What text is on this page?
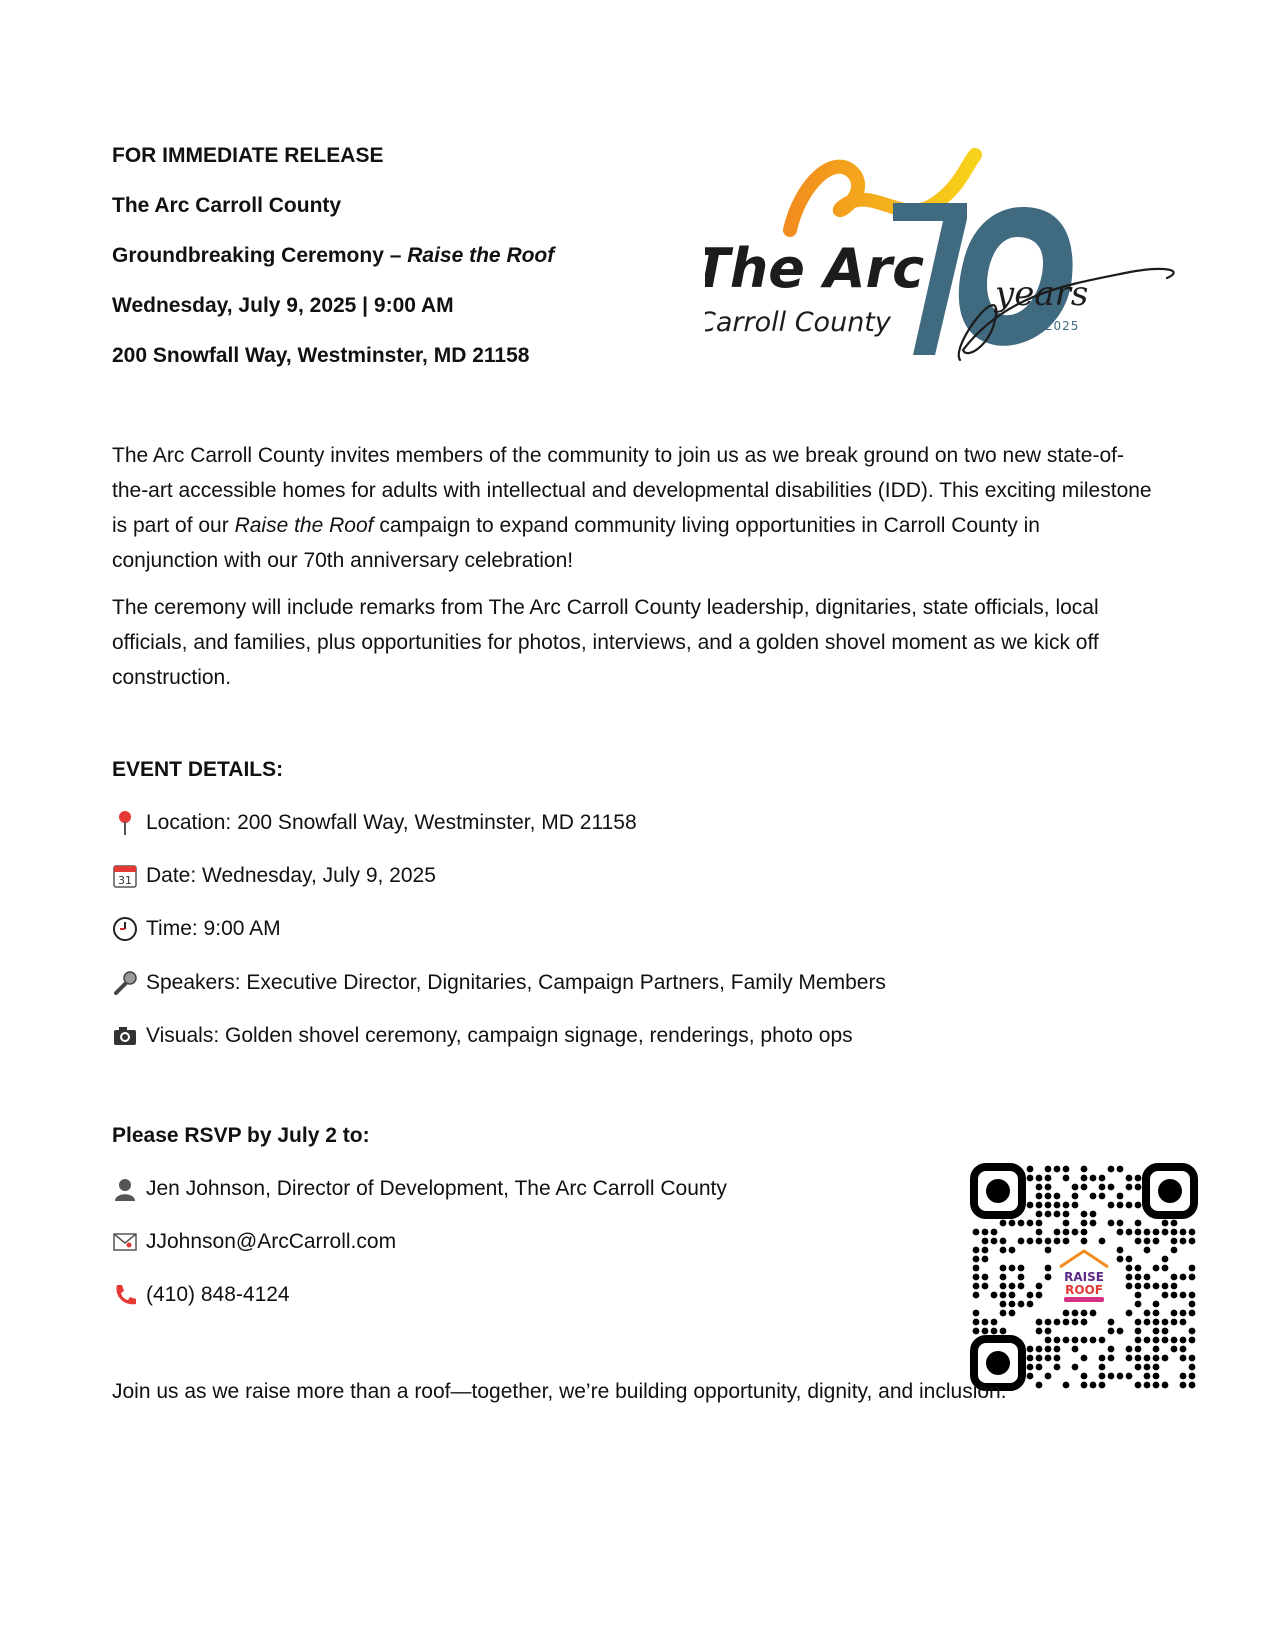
FOR IMMEDIATE RELEASE
The Arc Carroll County
Groundbreaking Ceremony – Raise the Roof
Wednesday, July 9, 2025 | 9:00 AM
200 Snowfall Way, Westminster, MD 21158
The Arc
Carroll County
years
1955-2025

The Arc Carroll County invites members of the community to join us as we break ground on two new state-of-the-art accessible homes for adults with intellectual and developmental disabilities (IDD). This exciting milestone is part of our Raise the Roof campaign to expand community living opportunities in Carroll County in conjunction with our 70th anniversary celebration!

The ceremony will include remarks from The Arc Carroll County leadership, dignitaries, state officials, local officials, and families, plus opportunities for photos, interviews, and a golden shovel moment as we kick off construction.

EVENT DETAILS:
Location: 200 Snowfall Way, Westminster, MD 21158
31 Date: Wednesday, July 9, 2025
Time: 9:00 AM
Speakers: Executive Director, Dignitaries, Campaign Partners, Family Members
Visuals: Golden shovel ceremony, campaign signage, renderings, photo ops
Please RSVP by July 2 to:
Jen Johnson, Director of Development, The Arc Carroll County
JJohnson@ArcCarroll.com
(410) 848-4124
RAISE
ROOF
Join us as we raise more than a roof—together, we’re building opportunity, dignity, and inclusion.
